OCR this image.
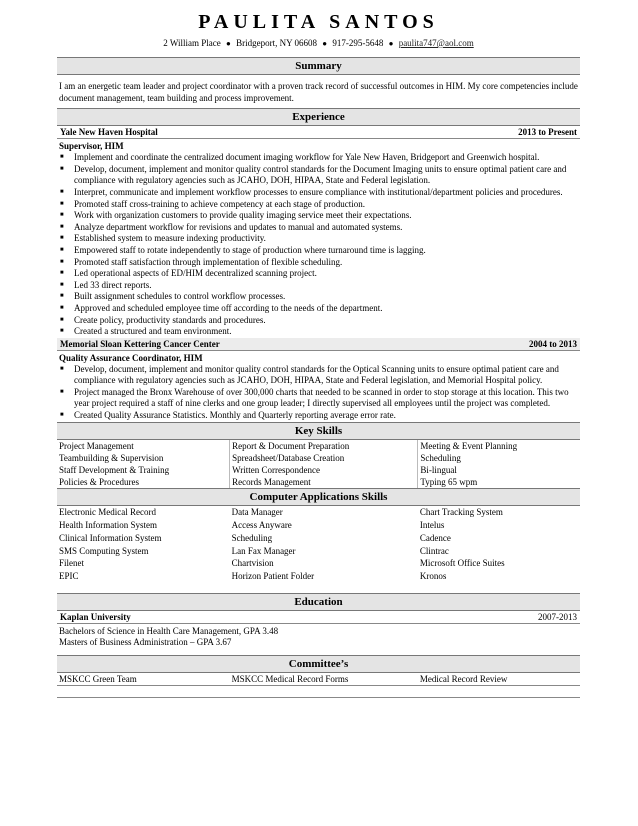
PAULITA SANTOS
2 William Place ● Bridgeport, NY 06608 ● 917-295-5648 ● paulita747@aol.com
Summary
I am an energetic team leader and project coordinator with a proven track record of successful outcomes in HIM. My core competencies include document management, team building and process improvement.
Experience
Yale New Haven Hospital	2013 to Present
Supervisor, HIM
■ Implement and coordinate the centralized document imaging workflow for Yale New Haven, Bridgeport and Greenwich hospital.
■ Develop, document, implement and monitor quality control standards for the Document Imaging units to ensure optimal patient care and compliance with regulatory agencies such as JCAHO, DOH, HIPAA, State and Federal legislation.
■ Interpret, communicate and implement workflow processes to ensure compliance with institutional/department policies and procedures.
■ Promoted staff cross-training to achieve competency at each stage of production.
■ Work with organization customers to provide quality imaging service meet their expectations.
■ Analyze department workflow for revisions and updates to manual and automated systems.
■ Established system to measure indexing productivity.
■ Empowered staff to rotate independently to stage of production where turnaround time is lagging.
■ Promoted staff satisfaction through implementation of flexible scheduling.
■ Led operational aspects of ED/HIM decentralized scanning project.
■ Led 33 direct reports.
■ Built assignment schedules to control workflow processes.
■ Approved and scheduled employee time off according to the needs of the department.
■ Create policy, productivity standards and procedures.
■ Created a structured and team environment.
Memorial Sloan Kettering Cancer Center	2004 to 2013
Quality Assurance Coordinator, HIM
■ Develop, document, implement and monitor quality control standards for the Optical Scanning units to ensure optimal patient care and compliance with regulatory agencies such as JCAHO, DOH, HIPAA, State and Federal legislation, and Memorial Hospital policy.
■ Project managed the Bronx Warehouse of over 300,000 charts that needed to be scanned in order to stop storage at this location. This two year project required a staff of nine clerks and one group leader; I directly supervised all employees until the project was completed.
■ Created Quality Assurance Statistics. Monthly and Quarterly reporting average error rate.
Key Skills
Project Management	Report & Document Preparation	Meeting & Event Planning
Teambuilding & Supervision	Spreadsheet/Database Creation	Scheduling
Staff Development & Training	Written Correspondence	Bi-lingual
Policies & Procedures	Records Management	Typing 65 wpm
Computer Applications Skills
Electronic Medical Record	Data Manager	Chart Tracking System
Health Information System	Access Anyware	Intelus
Clinical Information System	Scheduling	Cadence
SMS Computing System	Lan Fax Manager	Clintrac
Filenet	Chartvision	Microsoft Office Suites
EPIC	Horizon Patient Folder	Kronos
Education
Kaplan University	2007-2013
Bachelors of Science in Health Care Management, GPA 3.48
Masters of Business Administration – GPA 3.67
Committee’s
MSKCC Green Team	MSKCC Medical Record Forms	Medical Record Review
